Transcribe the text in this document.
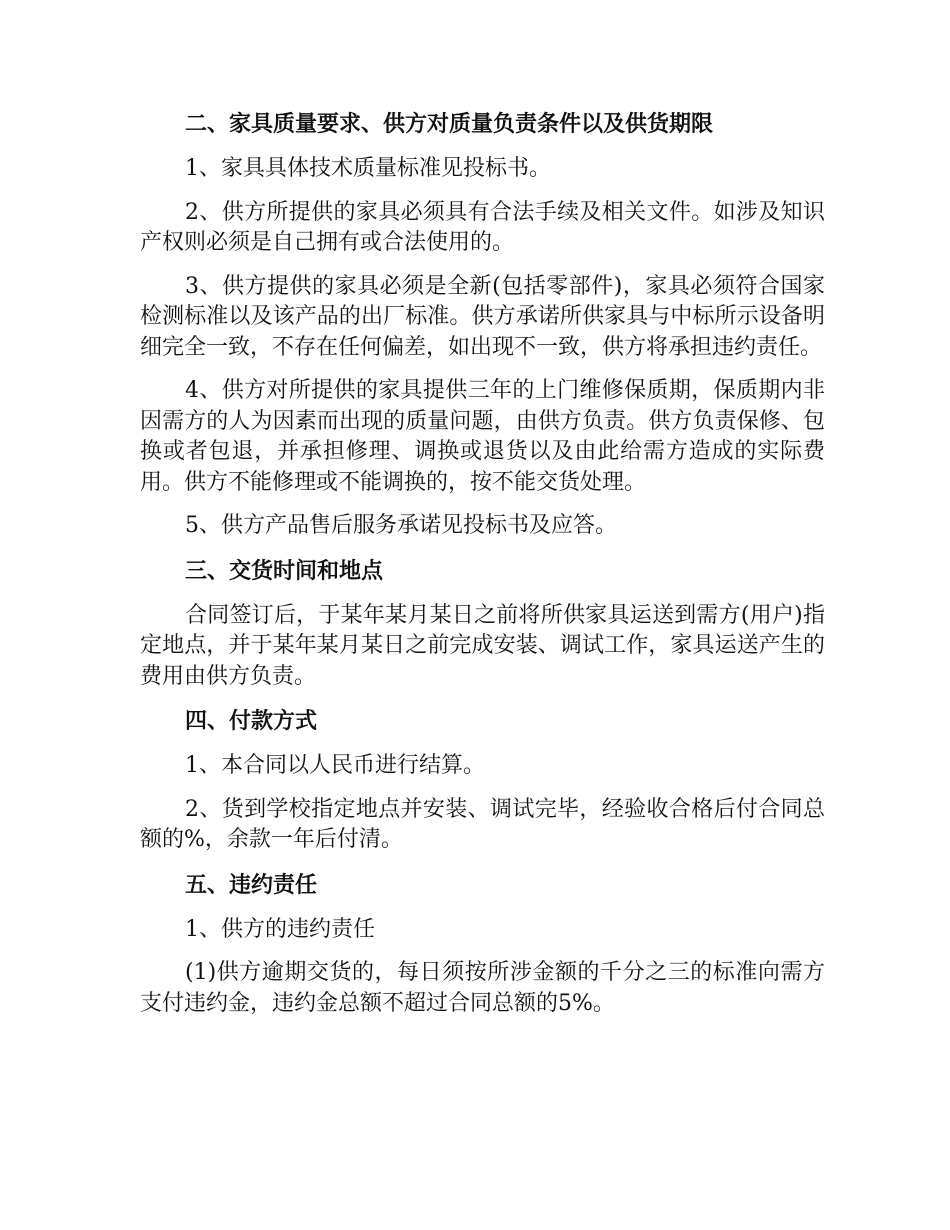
二、家具质量要求、供方对质量负责条件以及供货期限

1、家具具体技术质量标准见投标书。

2、供方所提供的家具必须具有合法手续及相关文件。如涉及知识产权则必须是自己拥有或合法使用的。

3、供方提供的家具必须是全新(包括零部件)，家具必须符合国家检测标准以及该产品的出厂标准。供方承诺所供家具与中标所示设备明细完全一致，不存在任何偏差，如出现不一致，供方将承担违约责任。

4、供方对所提供的家具提供三年的上门维修保质期，保质期内非因需方的人为因素而出现的质量问题，由供方负责。供方负责保修、包换或者包退，并承担修理、调换或退货以及由此给需方造成的实际费用。供方不能修理或不能调换的，按不能交货处理。

5、供方产品售后服务承诺见投标书及应答。

三、交货时间和地点

合同签订后，于某年某月某日之前将所供家具运送到需方(用户)指定地点，并于某年某月某日之前完成安装、调试工作，家具运送产生的费用由供方负责。

四、付款方式

1、本合同以人民币进行结算。

2、货到学校指定地点并安装、调试完毕，经验收合格后付合同总额的%，余款一年后付清。

五、违约责任

1、供方的违约责任

(1)供方逾期交货的，每日须按所涉金额的千分之三的标准向需方支付违约金，违约金总额不超过合同总额的5%。
